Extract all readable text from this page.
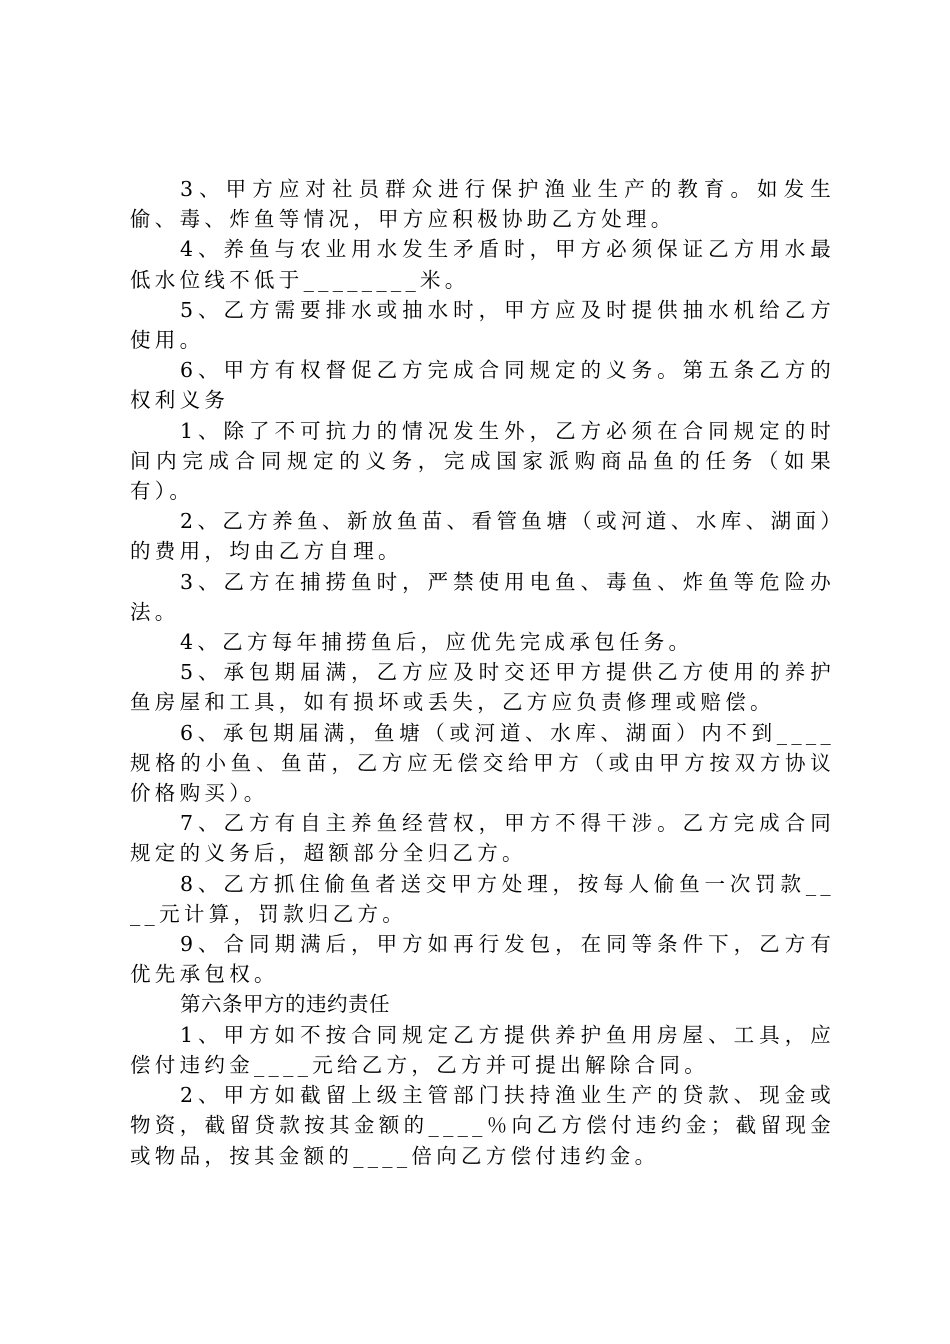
3、甲方应对社员群众进行保护渔业生产的教育。如发生偷、毒、炸鱼等情况，甲方应积极协助乙方处理。

4、养鱼与农业用水发生矛盾时，甲方必须保证乙方用水最低水位线不低于________米。

5、乙方需要排水或抽水时，甲方应及时提供抽水机给乙方使用。

6、甲方有权督促乙方完成合同规定的义务。第五条乙方的权利义务

1、除了不可抗力的情况发生外，乙方必须在合同规定的时间内完成合同规定的义务，完成国家派购商品鱼的任务（如果有）。

2、乙方养鱼、新放鱼苗、看管鱼塘（或河道、水库、湖面）的费用，均由乙方自理。

3、乙方在捕捞鱼时，严禁使用电鱼、毒鱼、炸鱼等危险办法。

4、乙方每年捕捞鱼后，应优先完成承包任务。

5、承包期届满，乙方应及时交还甲方提供乙方使用的养护鱼房屋和工具，如有损坏或丢失，乙方应负责修理或赔偿。

6、承包期届满，鱼塘（或河道、水库、湖面）内不到____规格的小鱼、鱼苗，乙方应无偿交给甲方（或由甲方按双方协议价格购买）。

7、乙方有自主养鱼经营权，甲方不得干涉。乙方完成合同规定的义务后，超额部分全归乙方。

8、乙方抓住偷鱼者送交甲方处理，按每人偷鱼一次罚款____元计算，罚款归乙方。

9、合同期满后，甲方如再行发包，在同等条件下，乙方有优先承包权。

第六条甲方的违约责任

1、甲方如不按合同规定乙方提供养护鱼用房屋、工具，应偿付违约金____元给乙方，乙方并可提出解除合同。

2、甲方如截留上级主管部门扶持渔业生产的贷款、现金或物资，截留贷款按其金额的____％向乙方偿付违约金；截留现金或物品，按其金额的____倍向乙方偿付违约金。
